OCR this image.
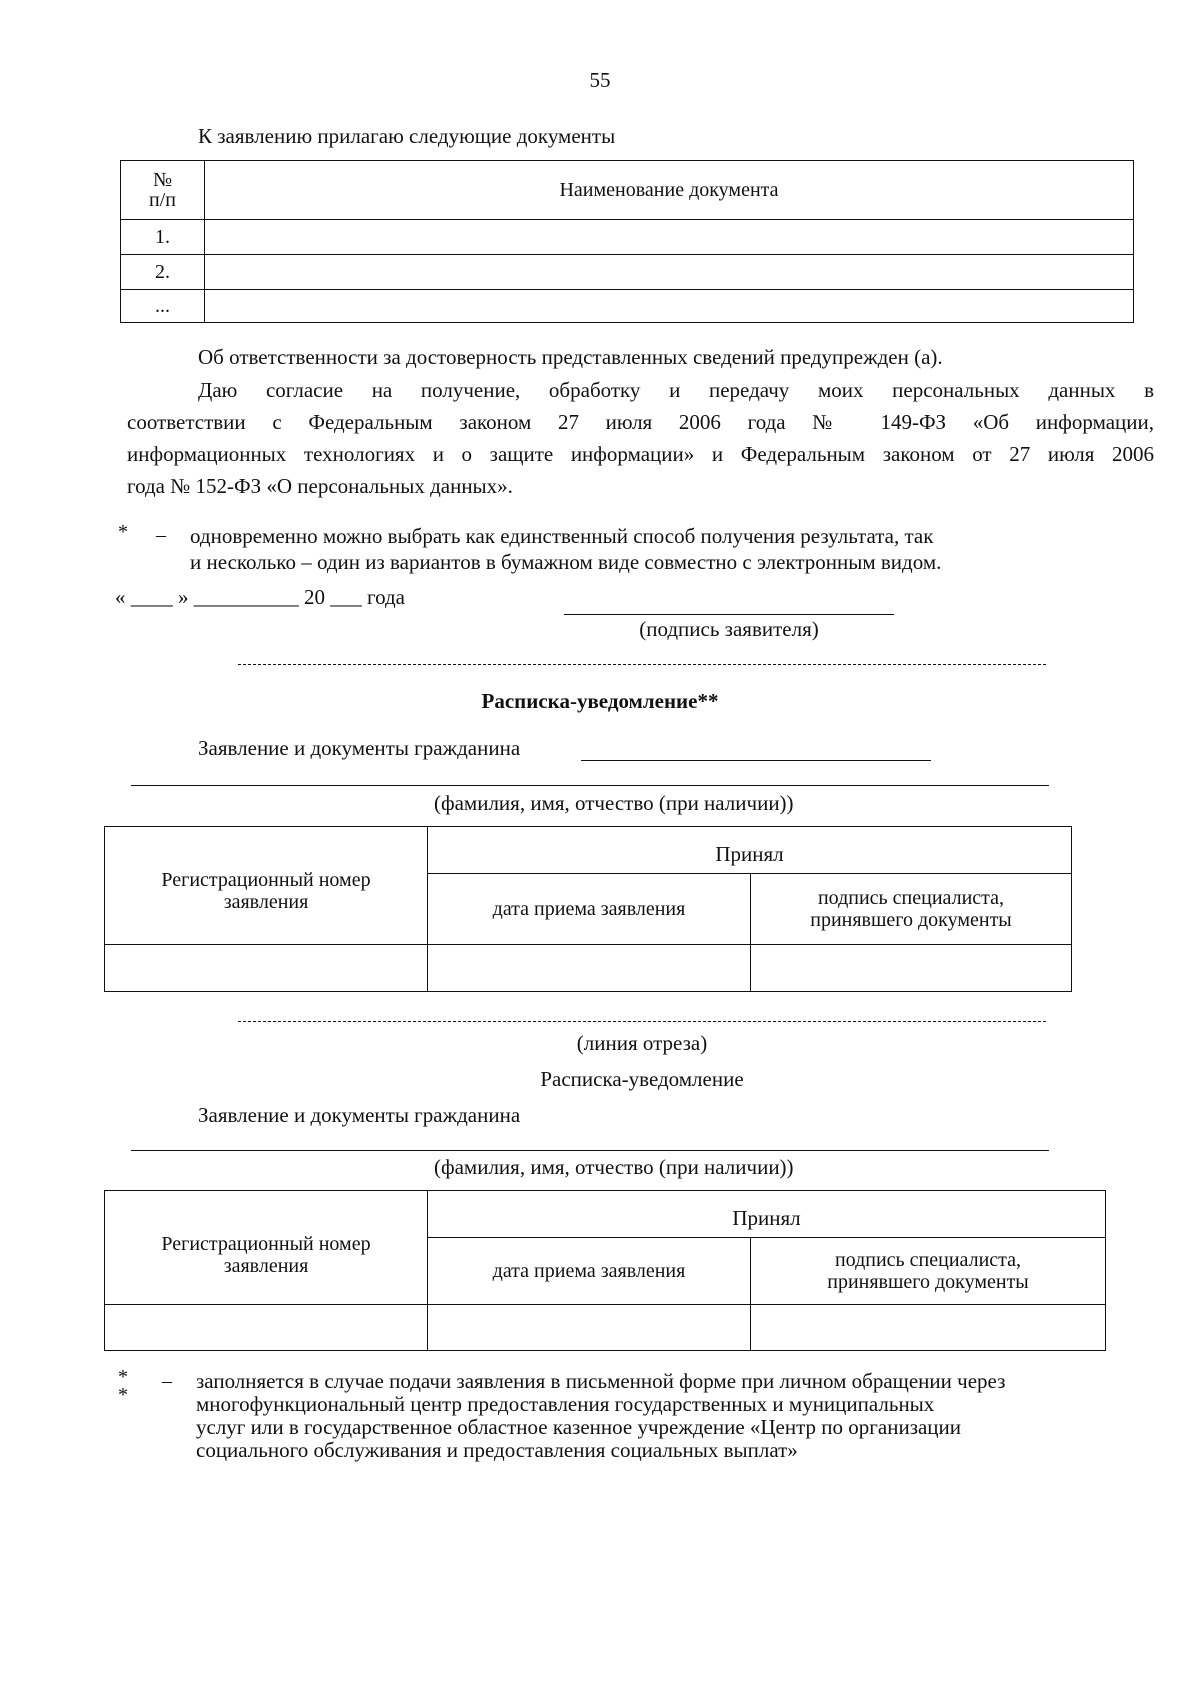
55
К заявлению прилагаю следующие документы
№
п/п	Наименование документа
1.	
2.	
...	
Об ответственности за достоверность представленных сведений предупрежден (а).
Даю согласие на получение, обработку и передачу моих персональных данных в
соответствии с Федеральным законом 27 июля 2006 года № 149-ФЗ «Об информации,
информационных технологиях и о защите информации» и Федеральным законом от 27 июля 2006
года № 152-ФЗ «О персональных данных».
* – одновременно можно выбрать как единственный способ получения результата, так
и несколько – один из вариантов в бумажном виде совместно с электронным видом.
« ____ » __________ 20 ___ года
(подпись заявителя)
Расписка-уведомление**
Заявление и документы гражданина
(фамилия, имя, отчество (при наличии))
Регистрационный номер
заявления	Принял	
	дата приема заявления	подпись специалиста,
принявшего документы

(линия отреза)
Расписка-уведомление
Заявление и документы гражданина
(фамилия, имя, отчество (при наличии))
Регистрационный номер
заявления	Принял	
	дата приема заявления	подпись специалиста,
принявшего документы

*
*
– заполняется в случае подачи заявления в письменной форме при личном обращении через
многофункциональный центр предоставления государственных и муниципальных
услуг или в государственное областное казенное учреждение «Центр по организации
социального обслуживания и предоставления социальных выплат»
